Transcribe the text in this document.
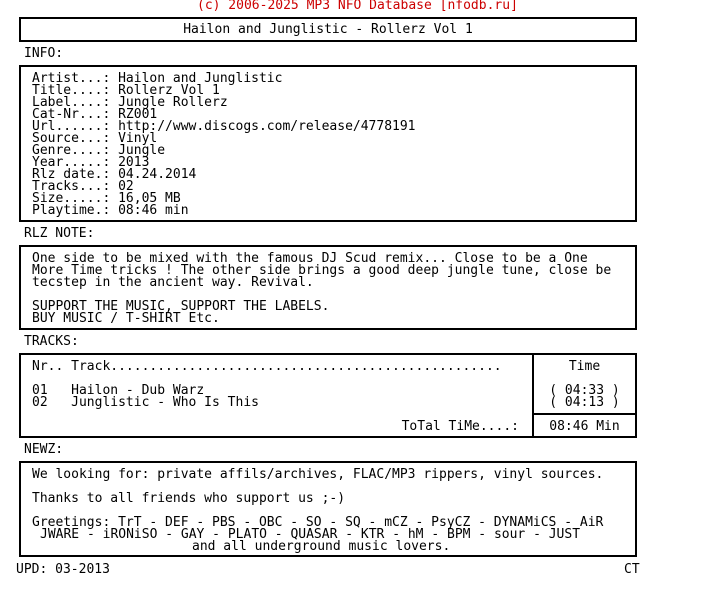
(c) 2006-2025 MP3 NFO Database [nfodb.ru]
Hailon and Junglistic - Rollerz Vol 1
INFO:
Artist...: Hailon and Junglistic
Title....: Rollerz Vol 1
Label....: Jungle Rollerz
Cat-Nr...: RZ001
Url......: http://www.discogs.com/release/4778191
Source...: Vinyl
Genre....: Jungle
Year.....: 2013
Rlz date.: 04.24.2014
Tracks...: 02
Size.....: 16,05 MB
Playtime.: 08:46 min
RLZ NOTE:
One side to be mixed with the famous DJ Scud remix... Close to be a One
More Time tricks ! The other side brings a good deep jungle tune, close be
tecstep in the ancient way. Revival.
SUPPORT THE MUSIC, SUPPORT THE LABELS.
BUY MUSIC / T-SHIRT Etc.
TRACKS:
Nr.. Track..................................................	Time
01   Hailon - Dub Warz	( 04:33 )
02   Junglistic - Who Is This	( 04:13 )
ToTal TiMe....:	08:46 Min
NEWZ:
We looking for: private affils/archives, FLAC/MP3 rippers, vinyl sources.
Thanks to all friends who support us ;-)
Greetings: TrT - DEF - PBS - OBC - SO - SQ - mCZ - PsyCZ - DYNAMiCS - AiR
JWARE - iRONiSO - GAY - PLATO - QUASAR - KTR - hM - BPM - sour - JUST
and all underground music lovers.
UPD: 03-2013	CT
